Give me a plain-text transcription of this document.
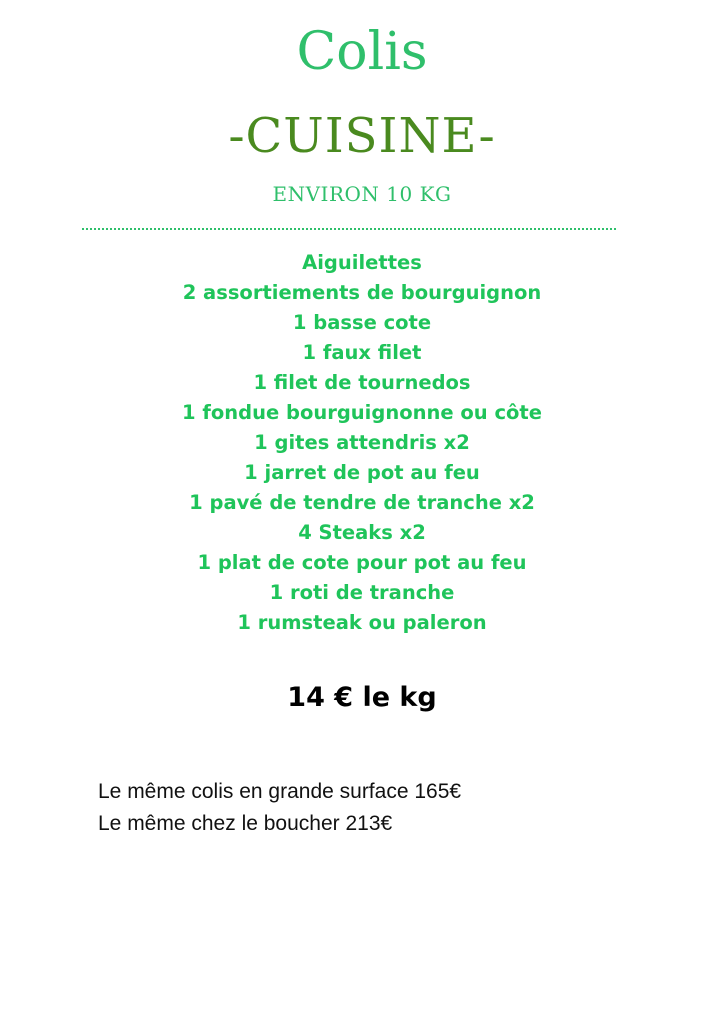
Colis
-CUISINE-
ENVIRON 10 KG
Aiguilettes
2 assortiements de bourguignon
1 basse cote
1 faux filet
1 filet de tournedos
1 fondue bourguignonne ou côte
1 gites attendris x2
1 jarret de pot au feu
1 pavé de tendre de tranche x2
4 Steaks x2
1 plat de cote pour pot au feu
1 roti de tranche
1 rumsteak ou paleron
14 € le kg
Le même colis en grande surface 165€
Le même chez le boucher 213€
